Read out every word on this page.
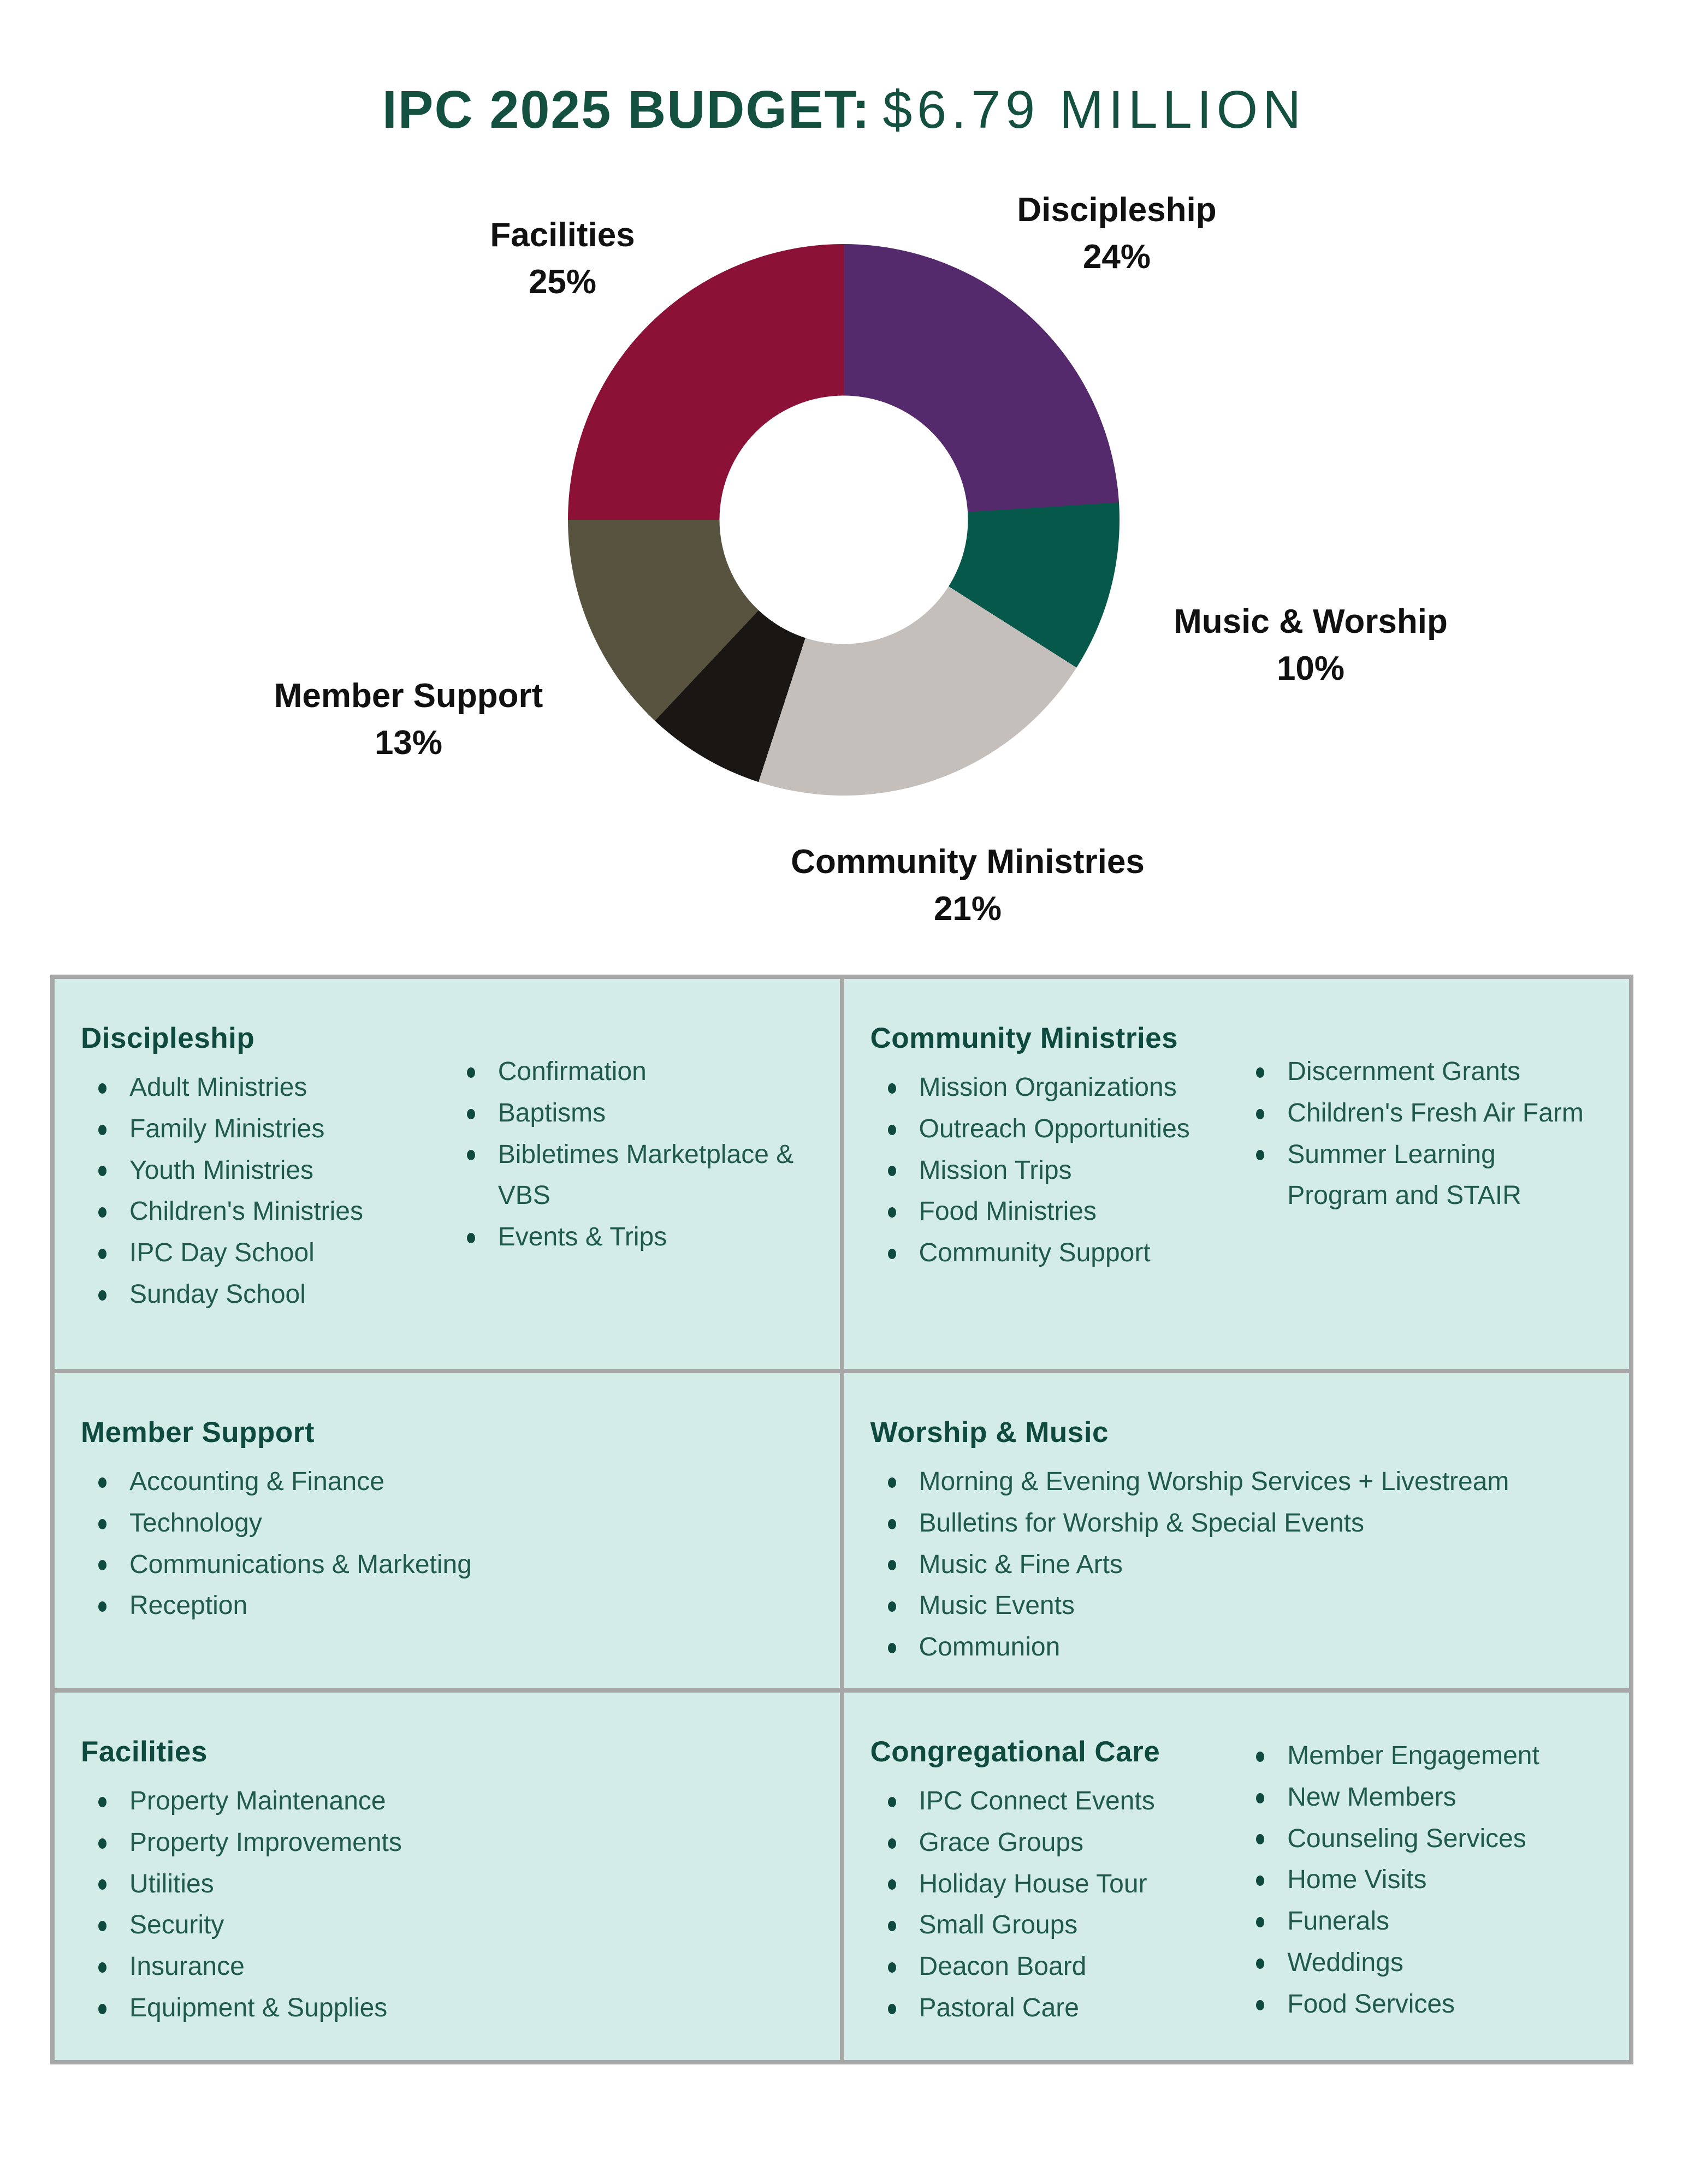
IPC 2025 BUDGET: $6.79 MILLION
Discipleship
24%
Music & Worship
10%
Community Ministries
21%
Member Support
13%
Facilities
25%
Discipleship
Adult Ministries
Family Ministries
Youth Ministries
Children's Ministries
IPC Day School
Sunday School
Confirmation
Baptisms
Bibletimes Marketplace & VBS
Events & Trips
Community Ministries
Mission Organizations
Outreach Opportunities
Mission Trips
Food Ministries
Community Support
Discernment Grants
Children's Fresh Air Farm
Summer Learning Program and STAIR
Member Support
Accounting & Finance
Technology
Communications & Marketing
Reception
Worship & Music
Morning & Evening Worship Services + Livestream
Bulletins for Worship & Special Events
Music & Fine Arts
Music Events
Communion
Facilities
Property Maintenance
Property Improvements
Utilities
Security
Insurance
Equipment & Supplies
Congregational Care
IPC Connect Events
Grace Groups
Holiday House Tour
Small Groups
Deacon Board
Pastoral Care
Member Engagement
New Members
Counseling Services
Home Visits
Funerals
Weddings
Food Services
